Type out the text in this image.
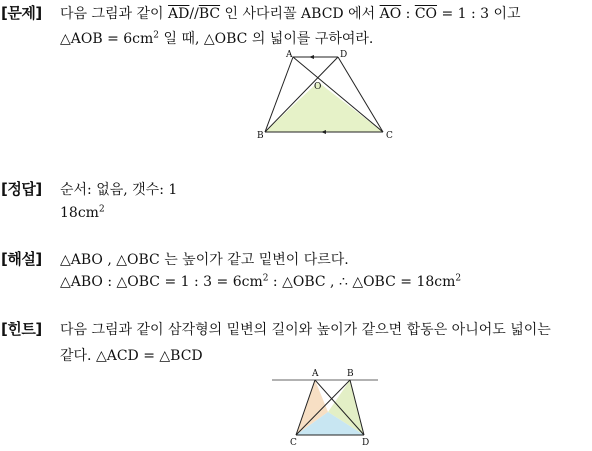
[문제] 다음 그림과 같이 $\overline{AD}//\overline{BC}$ 인 사다리꼴 ABCD 에서 $\overline{AO}$ : $\overline{CO} = 1$ : 3 이고
△AOB = $6cm^2$ 일 때, △OBC 의 넓이를 구하여라.
A	D
O
B	C
[정답] 순서: 없음, 갯수: 1
$18cm^2$
[해설] △ABO , △OBC 는 높이가 같고 밑변이 다르다.
△ABO : △OBC = 1 : $3 = 6cm^2$ : △OBC , ∴ △OBC = $18cm^2$
[힌트] 다음 그림과 같이 삼각형의 밑변의 길이와 높이가 같으면 합동은 아니어도 넓이는
같다. △ACD = △BCD
A	B
C	D
